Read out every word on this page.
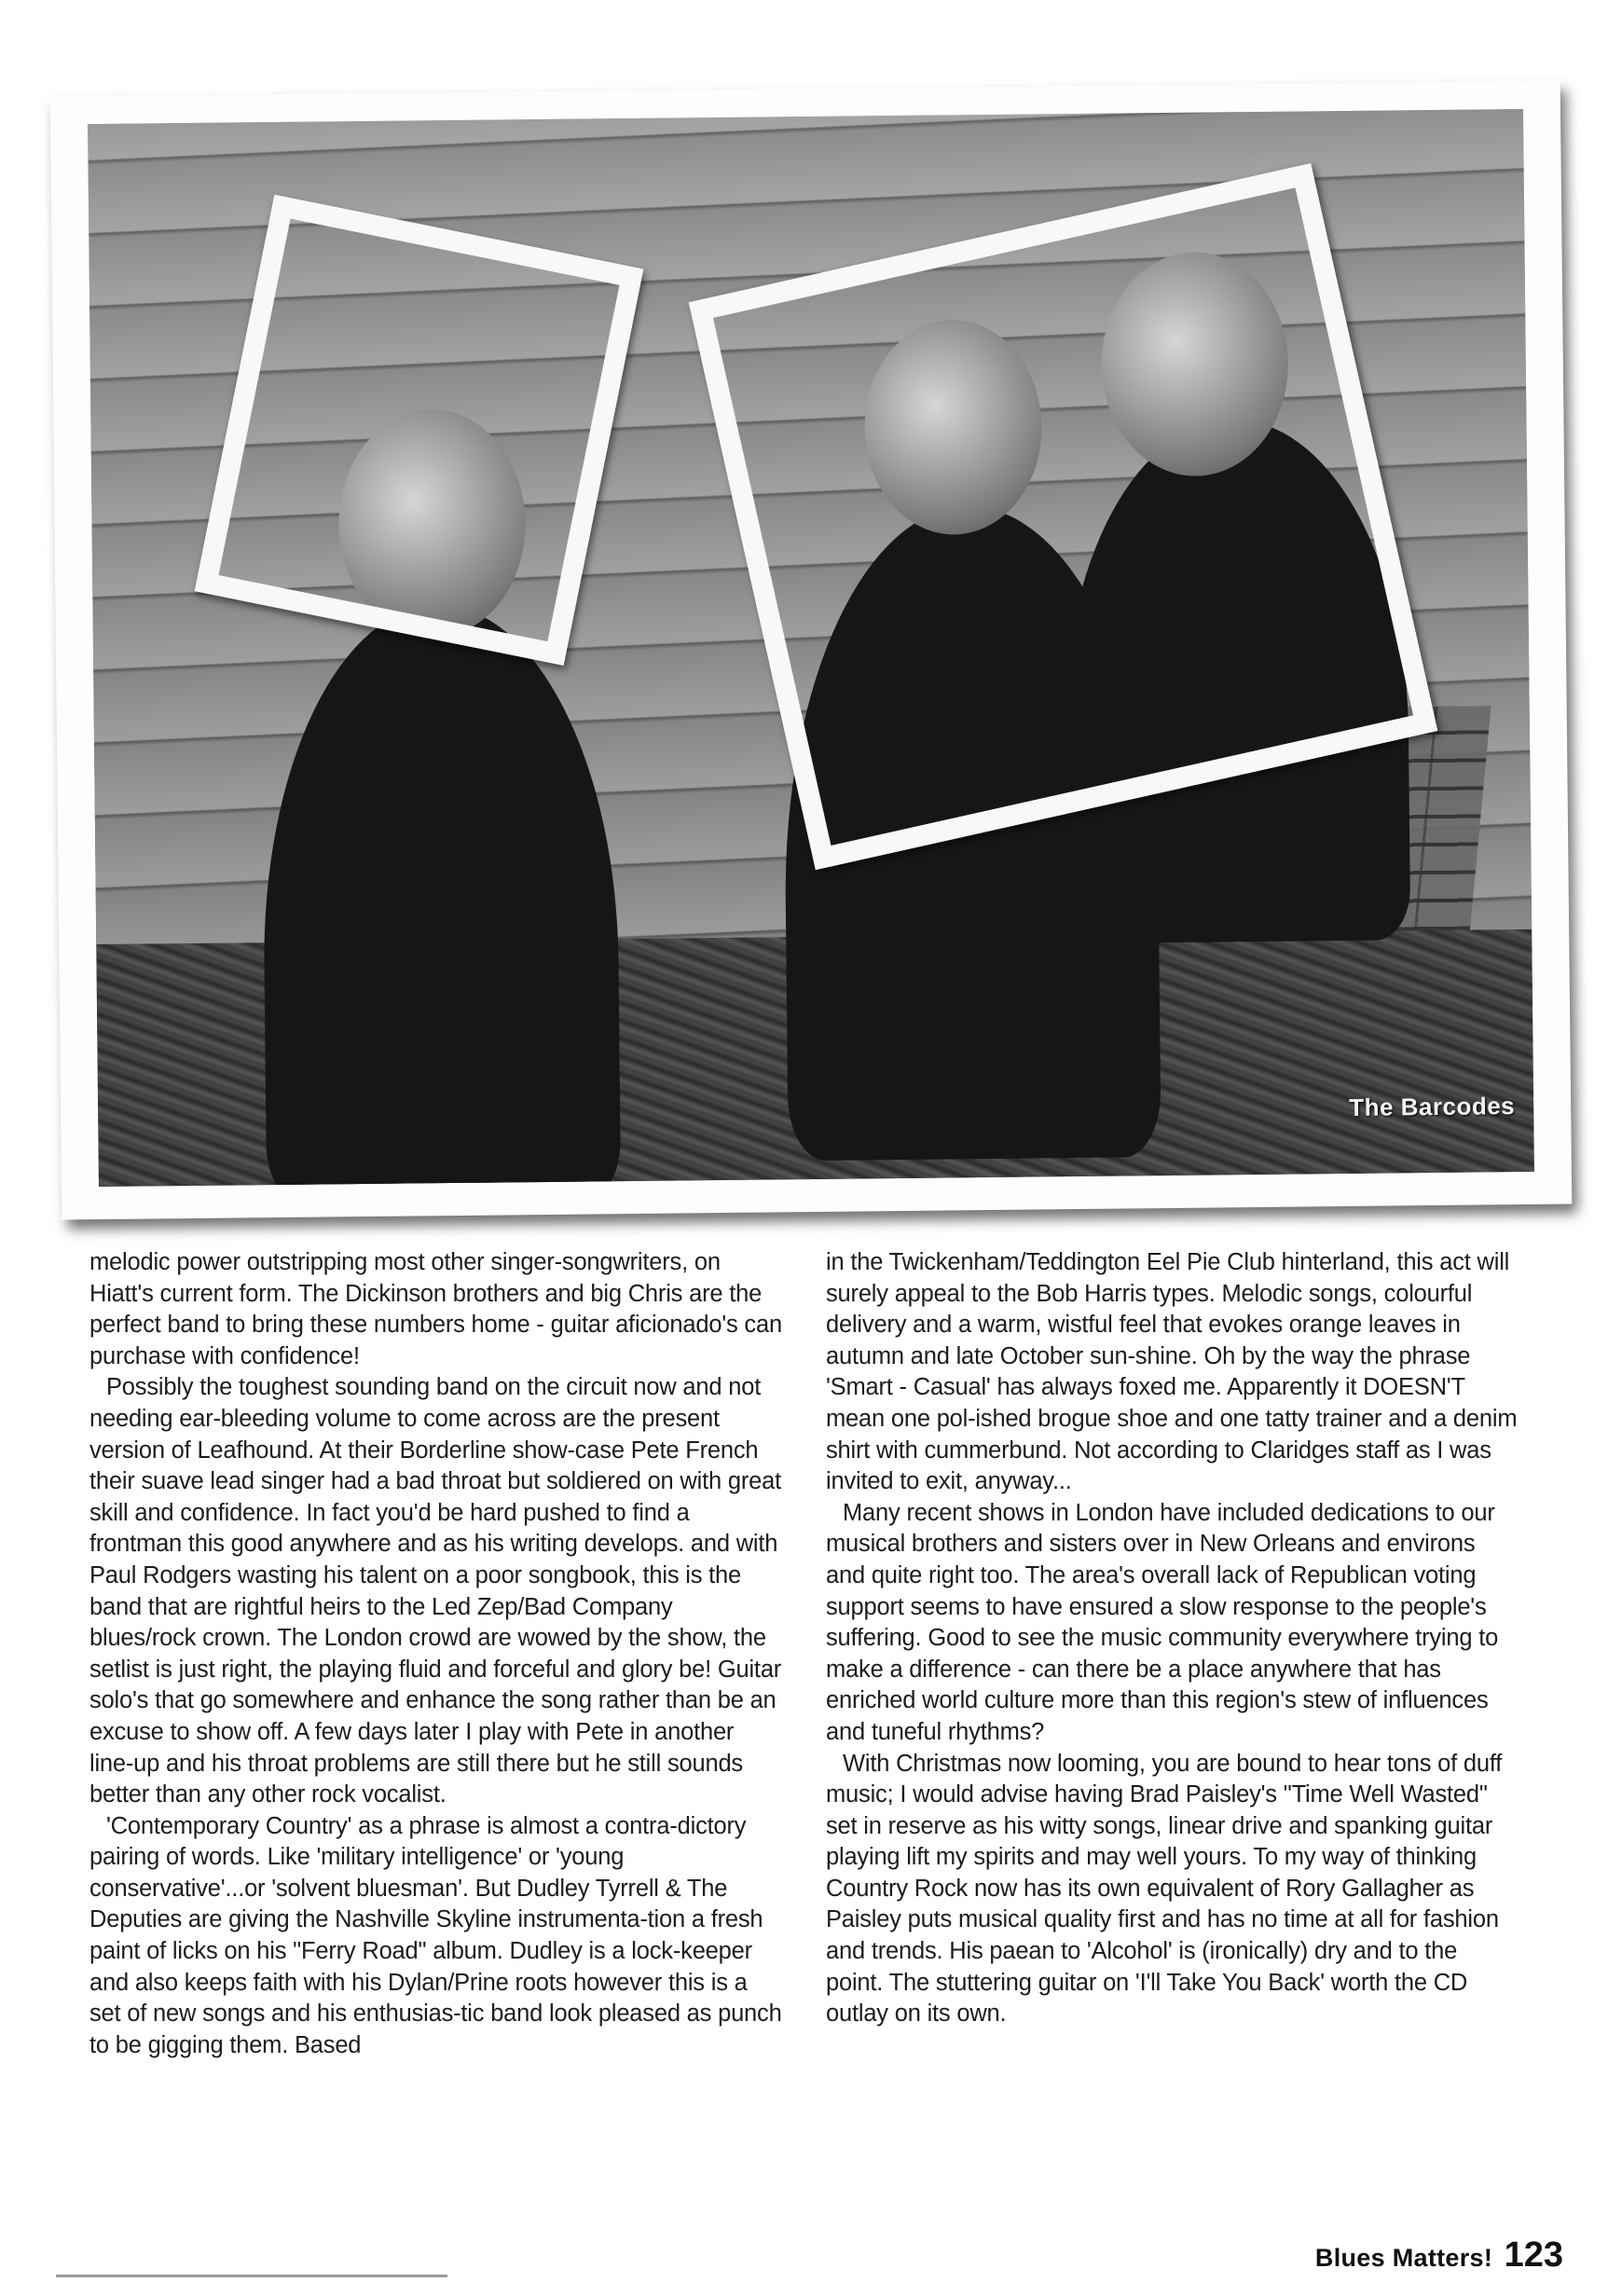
The Barcodes

melodic power outstripping most other singer-songwriters, on Hiatt's current form. The Dickinson brothers and big Chris are the perfect band to bring these numbers home - guitar aficionado's can purchase with confidence!

Possibly the toughest sounding band on the circuit now and not needing ear-bleeding volume to come across are the present version of Leafhound. At their Borderline show-case Pete French their suave lead singer had a bad throat but soldiered on with great skill and confidence. In fact you'd be hard pushed to find a frontman this good anywhere and as his writing develops. and with Paul Rodgers wasting his talent on a poor songbook, this is the band that are rightful heirs to the Led Zep/Bad Company blues/rock crown. The London crowd are wowed by the show, the setlist is just right, the playing fluid and forceful and glory be! Guitar solo's that go somewhere and enhance the song rather than be an excuse to show off. A few days later I play with Pete in another line-up and his throat problems are still there but he still sounds better than any other rock vocalist.

'Contemporary Country' as a phrase is almost a contra-dictory pairing of words. Like 'military intelligence' or 'young conservative'...or 'solvent bluesman'. But Dudley Tyrrell & The Deputies are giving the Nashville Skyline instrumenta-tion a fresh paint of licks on his "Ferry Road" album. Dudley is a lock-keeper and also keeps faith with his Dylan/Prine roots however this is a set of new songs and his enthusias-tic band look pleased as punch to be gigging them. Based

in the Twickenham/Teddington Eel Pie Club hinterland, this act will surely appeal to the Bob Harris types. Melodic songs, colourful delivery and a warm, wistful feel that evokes orange leaves in autumn and late October sun-shine. Oh by the way the phrase 'Smart - Casual' has always foxed me. Apparently it DOESN'T mean one pol-ished brogue shoe and one tatty trainer and a denim shirt with cummerbund. Not according to Claridges staff as I was invited to exit, anyway...

Many recent shows in London have included dedications to our musical brothers and sisters over in New Orleans and environs and quite right too. The area's overall lack of Republican voting support seems to have ensured a slow response to the people's suffering. Good to see the music community everywhere trying to make a difference - can there be a place anywhere that has enriched world culture more than this region's stew of influences and tuneful rhythms?

With Christmas now looming, you are bound to hear tons of duff music; I would advise having Brad Paisley's "Time Well Wasted" set in reserve as his witty songs, linear drive and spanking guitar playing lift my spirits and may well yours. To my way of thinking Country Rock now has its own equivalent of Rory Gallagher as Paisley puts musical quality first and has no time at all for fashion and trends. His paean to 'Alcohol' is (ironically) dry and to the point. The stuttering guitar on 'I'll Take You Back' worth the CD outlay on its own.

Blues Matters! 123
